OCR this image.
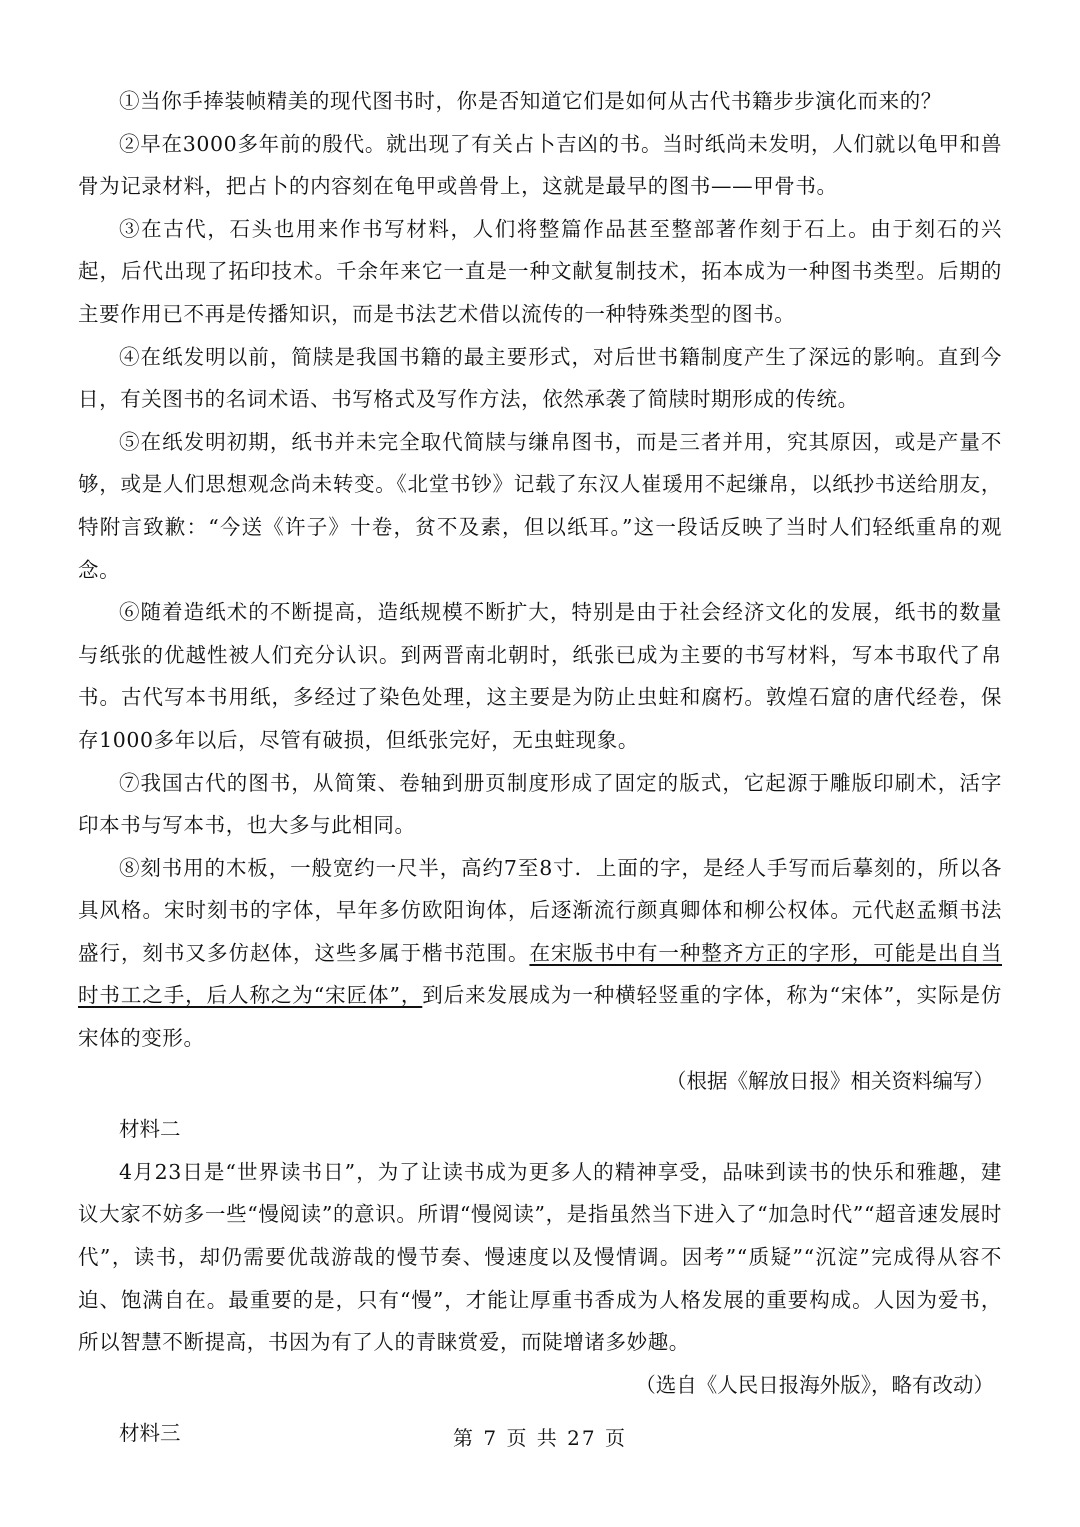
①当你手捧装帧精美的现代图书时，你是否知道它们是如何从古代书籍步步演化而来的？

②早在3000多年前的殷代。就出现了有关占卜吉凶的书。当时纸尚未发明，人们就以龟甲和兽骨为记录材料，把占卜的内容刻在龟甲或兽骨上，这就是最早的图书——甲骨书。

③在古代，石头也用来作书写材料，人们将整篇作品甚至整部著作刻于石上。由于刻石的兴起，后代出现了拓印技术。千余年来它一直是一种文献复制技术，拓本成为一种图书类型。后期的主要作用已不再是传播知识，而是书法艺术借以流传的一种特殊类型的图书。

④在纸发明以前，简牍是我国书籍的最主要形式，对后世书籍制度产生了深远的影响。直到今日，有关图书的名词术语、书写格式及写作方法，依然承袭了简牍时期形成的传统。

⑤在纸发明初期，纸书并未完全取代简牍与缣帛图书，而是三者并用，究其原因，或是产量不够，或是人们思想观念尚未转变。《北堂书钞》记载了东汉人崔瑗用不起缣帛，以纸抄书送给朋友，特附言致歉：“今送《许子》十卷，贫不及素，但以纸耳。”这一段话反映了当时人们轻纸重帛的观念。

⑥随着造纸术的不断提高，造纸规模不断扩大，特别是由于社会经济文化的发展，纸书的数量与纸张的优越性被人们充分认识。到两晋南北朝时，纸张已成为主要的书写材料，写本书取代了帛书。古代写本书用纸，多经过了染色处理，这主要是为防止虫蛀和腐朽。敦煌石窟的唐代经卷，保存1000多年以后，尽管有破损，但纸张完好，无虫蛀现象。

⑦我国古代的图书，从简策、卷轴到册页制度形成了固定的版式，它起源于雕版印刷术，活字印本书与写本书，也大多与此相同。

⑧刻书用的木板，一般宽约一尺半，高约7至8寸．上面的字，是经人手写而后摹刻的，所以各具风格。宋时刻书的字体，早年多仿欧阳询体，后逐渐流行颜真卿体和柳公权体。元代赵孟頫书法盛行，刻书又多仿赵体，这些多属于楷书范围。在宋版书中有一种整齐方正的字形，可能是出自当时书工之手，后人称之为“宋匠体”，到后来发展成为一种横轻竖重的字体，称为“宋体”，实际是仿宋体的变形。

（根据《解放日报》相关资料编写）

材料二

4月23日是“世界读书日”，为了让读书成为更多人的精神享受，品味到读书的快乐和雅趣，建议大家不妨多一些“慢阅读”的意识。所谓“慢阅读”，是指虽然当下进入了“加急时代”“超音速发展时代”，读书，却仍需要优哉游哉的慢节奏、慢速度以及慢情调。因考”“质疑”“沉淀”完成得从容不迫、饱满自在。最重要的是，只有“慢”，才能让厚重书香成为人格发展的重要构成。人因为爱书，所以智慧不断提高，书因为有了人的青睐赏爱，而陡增诸多妙趣。

（选自《人民日报海外版》，略有改动）

材料三	第 7 页 共 27 页
